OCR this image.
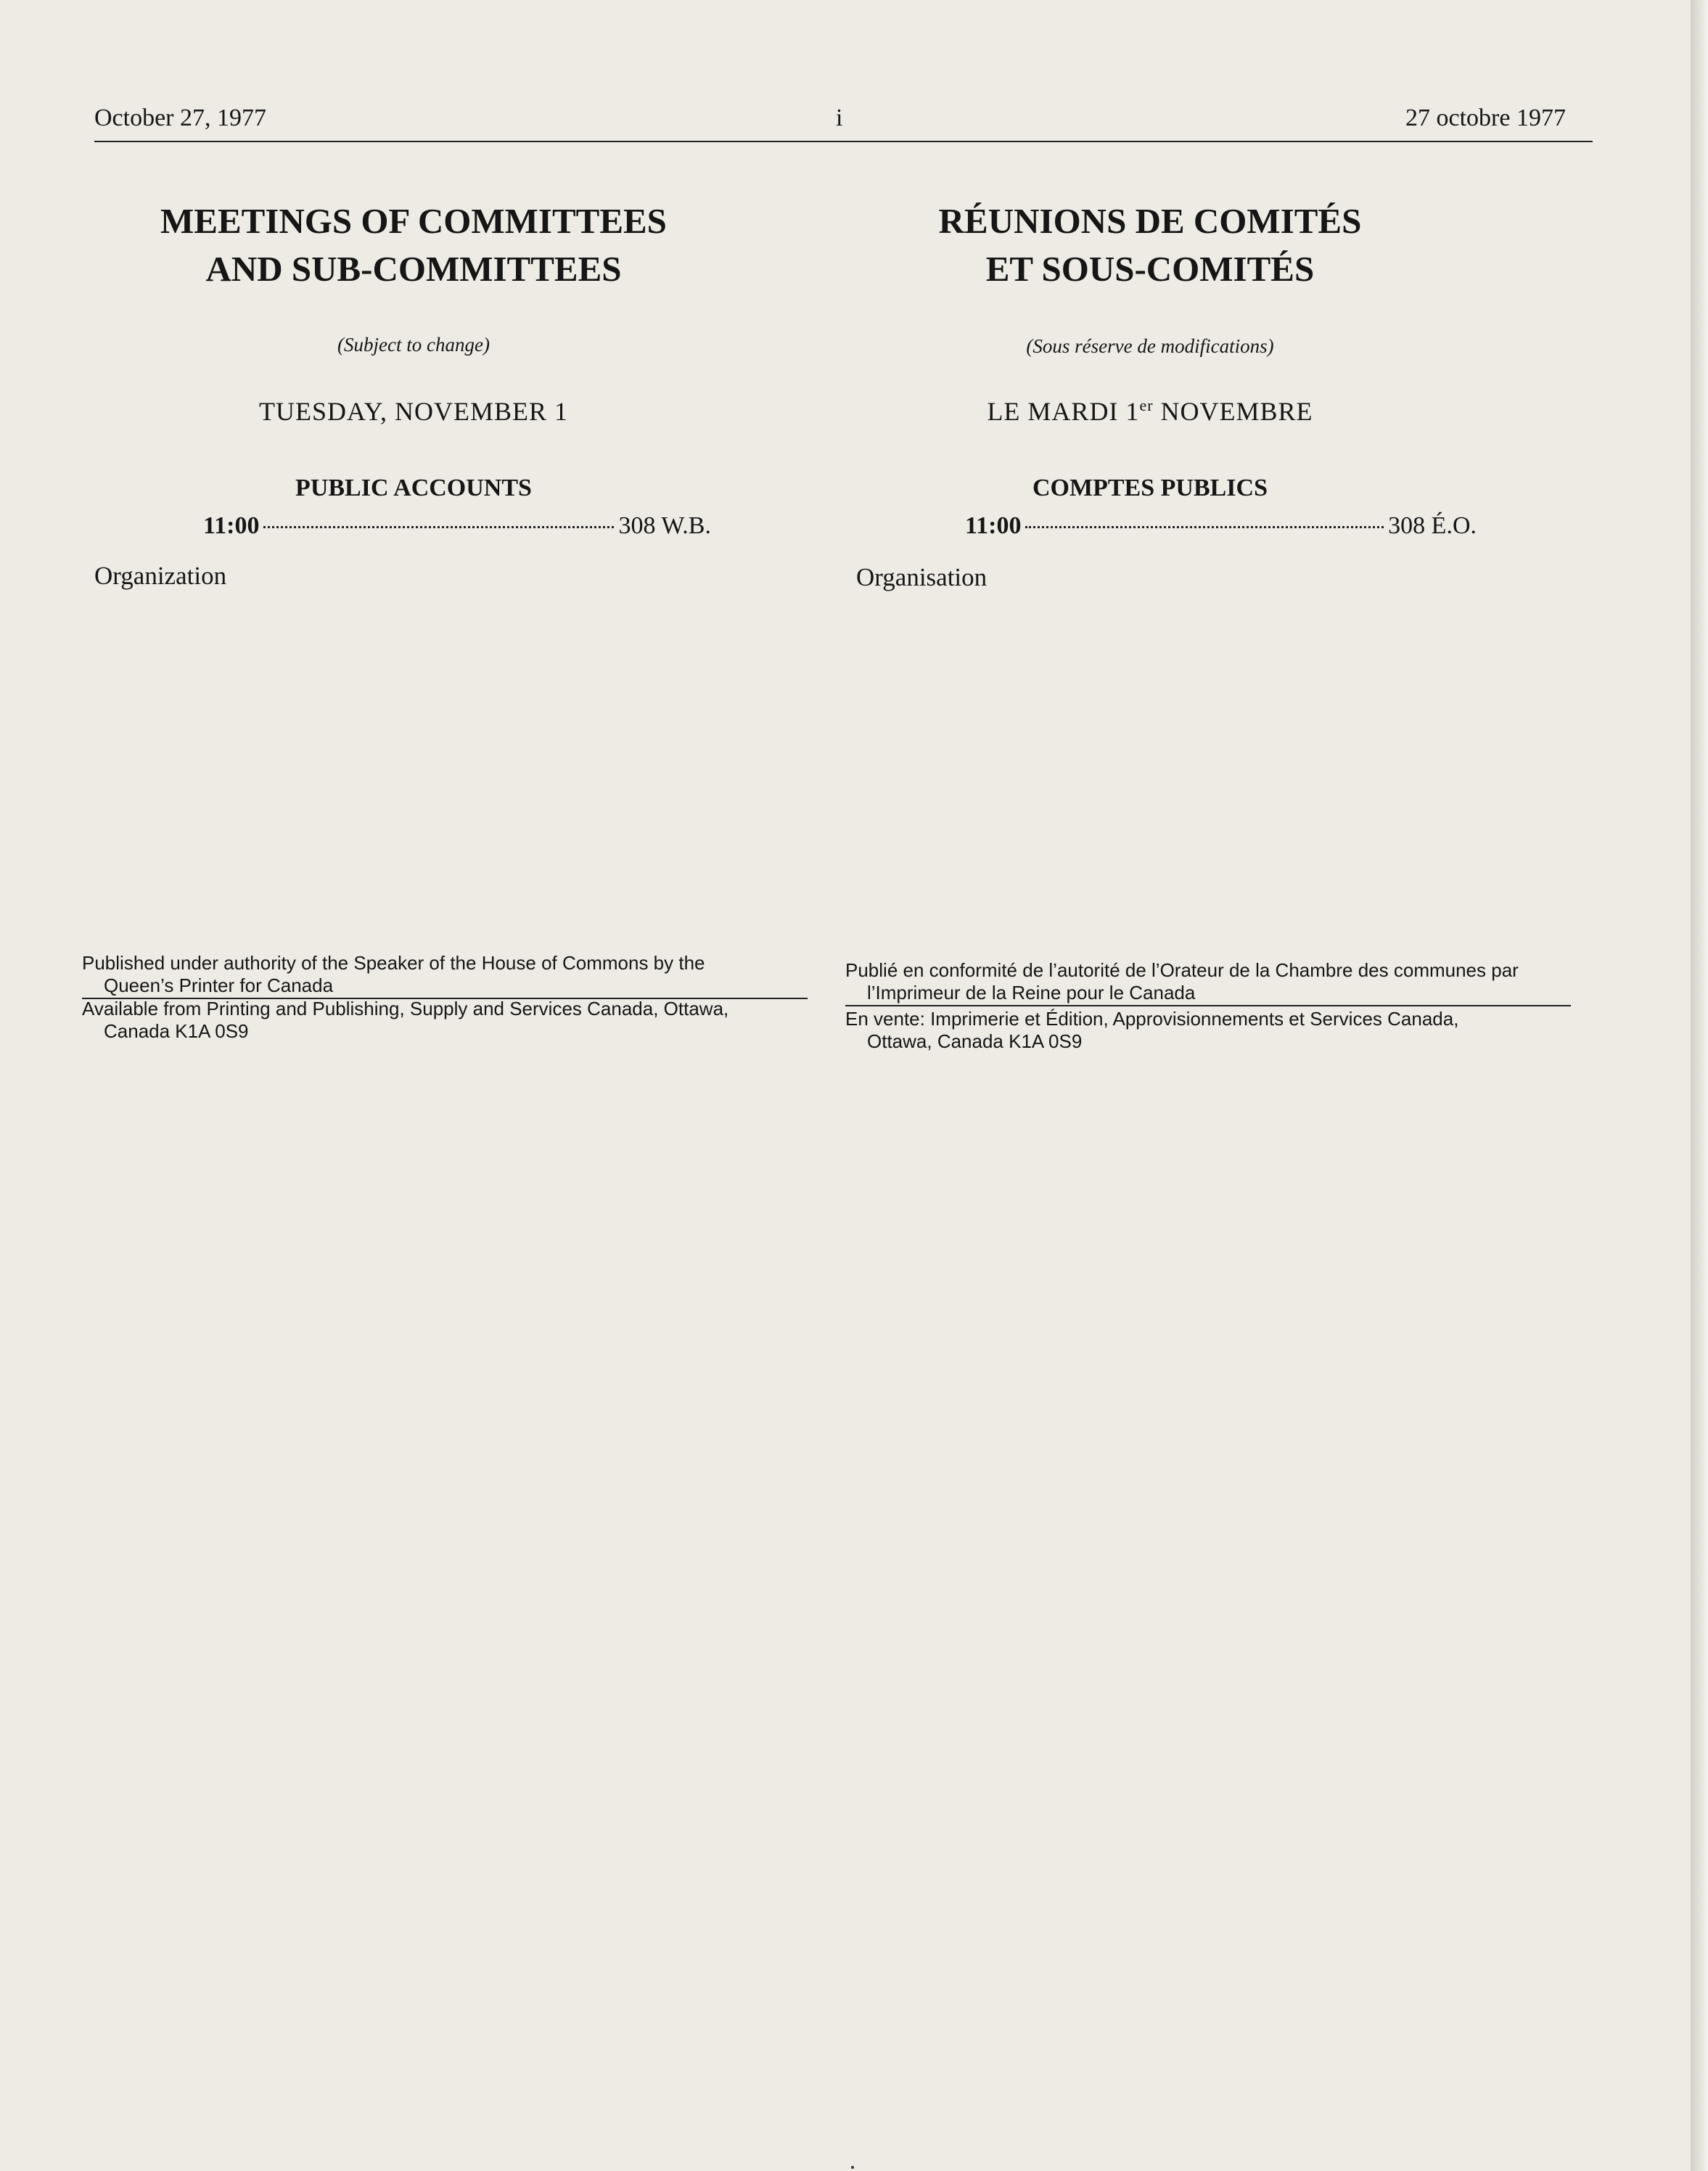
October 27, 1977	i	27 octobre 1977
MEETINGS OF COMMITTEES
AND SUB-COMMITTEES
(Subject to change)
TUESDAY, NOVEMBER 1
PUBLIC ACCOUNTS
11:00	308 W.B.
Organization
RÉUNIONS DE COMITÉS
ET SOUS-COMITÉS
(Sous réserve de modifications)
LE MARDI 1er NOVEMBRE
COMPTES PUBLICS
11:00	308 É.O.
Organisation
Published under authority of the Speaker of the House of Commons by the
Queen’s Printer for Canada
Available from Printing and Publishing, Supply and Services Canada, Ottawa,
Canada K1A 0S9
Publié en conformité de l’autorité de l’Orateur de la Chambre des communes par
l’Imprimeur de la Reine pour le Canada
En vente: Imprimerie et Édition, Approvisionnements et Services Canada,
Ottawa, Canada K1A 0S9
